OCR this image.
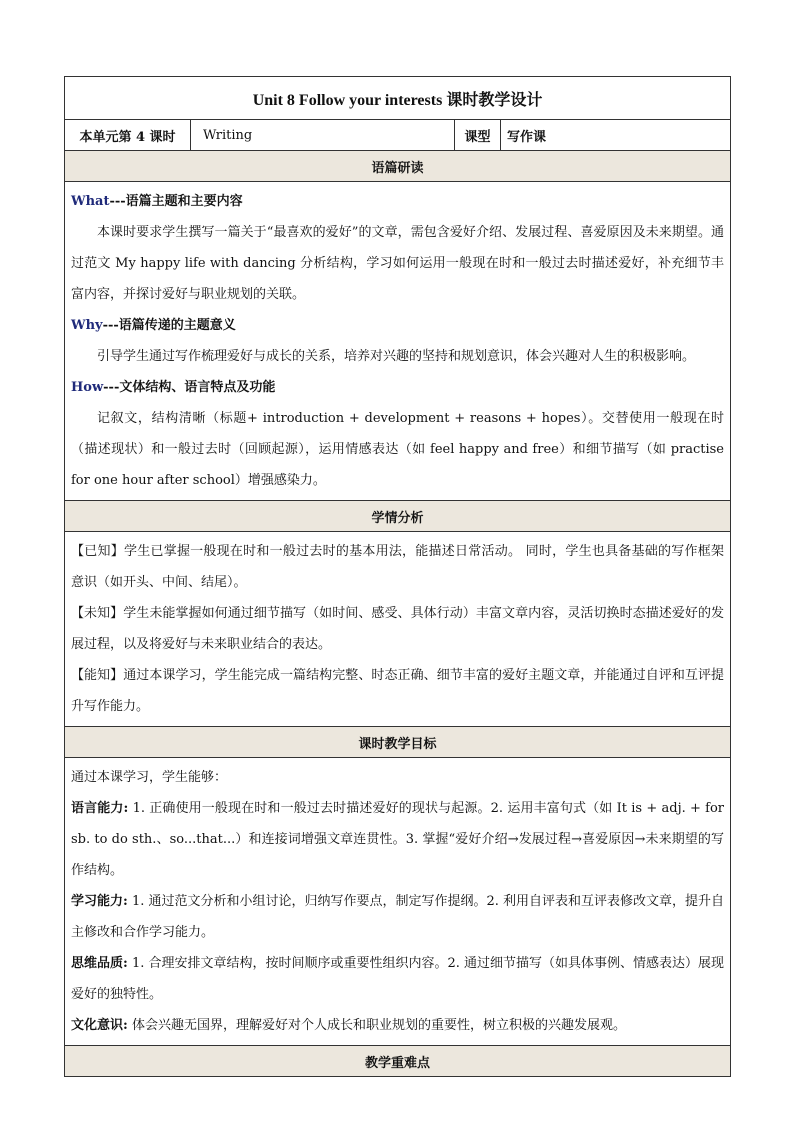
Unit 8 Follow your interests 课时教学设计
本单元第 4 课时	Writing	课型	写作课
语篇研读

What---语篇主题和主要内容

本课时要求学生撰写一篇关于“最喜欢的爱好”的文章，需包含爱好介绍、发展过程、喜爱原因及未来期望。通过范文 My happy life with dancing 分析结构，学习如何运用一般现在时和一般过去时描述爱好，补充细节丰富内容，并探讨爱好与职业规划的关联。

Why---语篇传递的主题意义

引导学生通过写作梳理爱好与成长的关系，培养对兴趣的坚持和规划意识，体会兴趣对人生的积极影响。

How---文体结构、语言特点及功能

记叙文，结构清晰（标题+ introduction + development + reasons + hopes）。交替使用一般现在时（描述现状）和一般过去时（回顾起源），运用情感表达（如 feel happy and free）和细节描写（如 practise for one hour after school）增强感染力。

学情分析

【已知】学生已掌握一般现在时和一般过去时的基本用法，能描述日常活动。 同时，学生也具备基础的写作框架意识（如开头、中间、结尾）。

【未知】学生未能掌握如何通过细节描写（如时间、感受、具体行动）丰富文章内容，灵活切换时态描述爱好的发展过程，以及将爱好与未来职业结合的表达。

【能知】通过本课学习，学生能完成一篇结构完整、时态正确、细节丰富的爱好主题文章，并能通过自评和互评提升写作能力。

课时教学目标

通过本课学习，学生能够：

语言能力: 1. 正确使用一般现在时和一般过去时描述爱好的现状与起源。2. 运用丰富句式（如 It is + adj. + for sb. to do sth.、so...that...）和连接词增强文章连贯性。3. 掌握“爱好介绍→发展过程→喜爱原因→未来期望的写作结构。

学习能力: 1. 通过范文分析和小组讨论，归纳写作要点，制定写作提纲。2. 利用自评表和互评表修改文章，提升自主修改和合作学习能力。

思维品质: 1. 合理安排文章结构，按时间顺序或重要性组织内容。2. 通过细节描写（如具体事例、情感表达）展现爱好的独特性。

文化意识: 体会兴趣无国界，理解爱好对个人成长和职业规划的重要性，树立积极的兴趣发展观。

教学重难点
